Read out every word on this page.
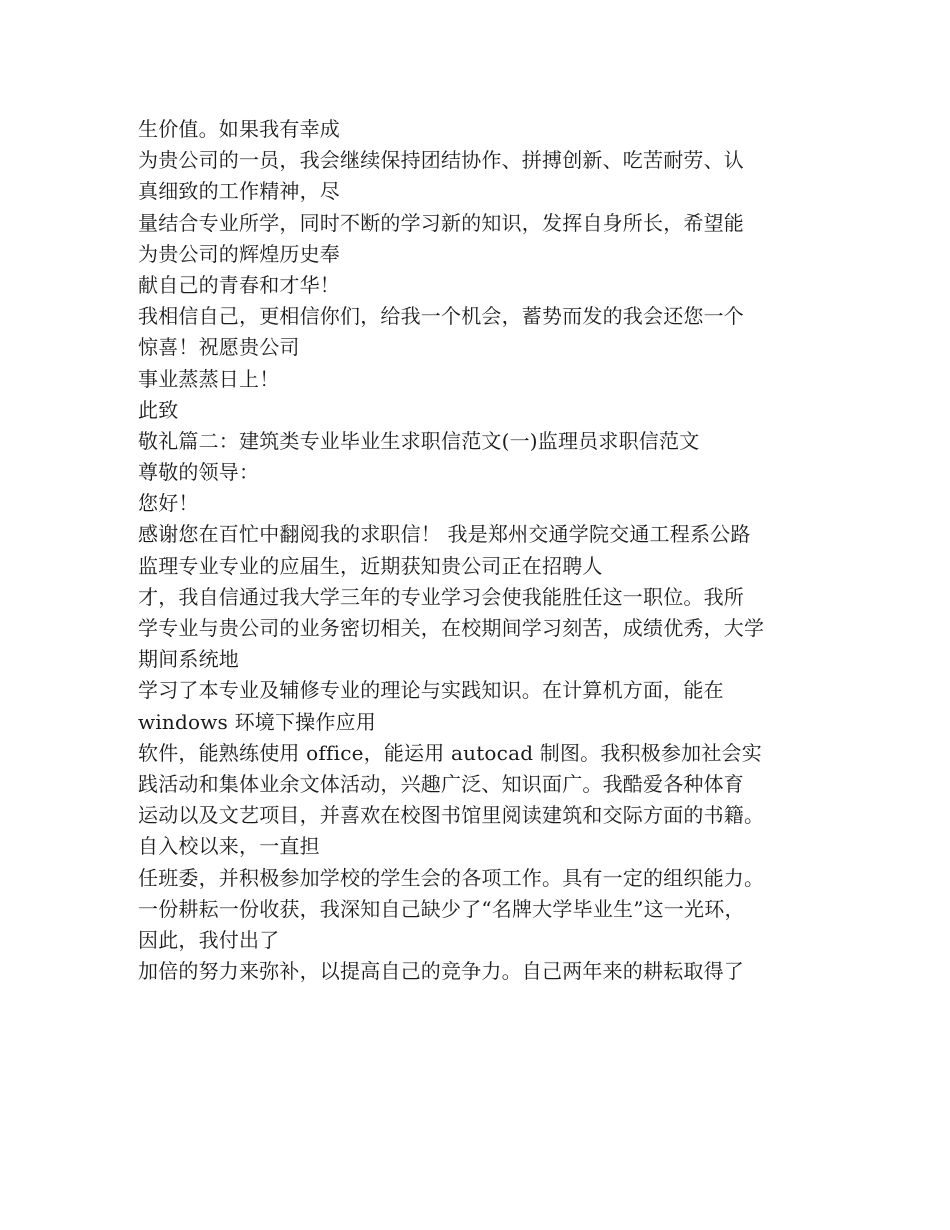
生价值。如果我有幸成
为贵公司的一员，我会继续保持团结协作、拼搏创新、吃苦耐劳、认
真细致的工作精神，尽
量结合专业所学，同时不断的学习新的知识，发挥自身所长，希望能
为贵公司的辉煌历史奉
献自己的青春和才华！
我相信自己，更相信你们，给我一个机会，蓄势而发的我会还您一个
惊喜！祝愿贵公司
事业蒸蒸日上！
此致
敬礼篇二：建筑类专业毕业生求职信范文(一)监理员求职信范文
尊敬的领导：
您好！
感谢您在百忙中翻阅我的求职信！ 我是郑州交通学院交通工程系公路
监理专业专业的应届生，近期获知贵公司正在招聘人
才，我自信通过我大学三年的专业学习会使我能胜任这一职位。我所
学专业与贵公司的业务密切相关，在校期间学习刻苦，成绩优秀，大学
期间系统地
学习了本专业及辅修专业的理论与实践知识。在计算机方面，能在
windows 环境下操作应用
软件，能熟练使用 office，能运用 autocad 制图。我积极参加社会实
践活动和集体业余文体活动，兴趣广泛、知识面广。我酷爱各种体育
运动以及文艺项目，并喜欢在校图书馆里阅读建筑和交际方面的书籍。
自入校以来，一直担
任班委，并积极参加学校的学生会的各项工作。具有一定的组织能力。
一份耕耘一份收获，我深知自己缺少了“名牌大学毕业生”这一光环，
因此，我付出了
加倍的努力来弥补，以提高自己的竞争力。自己两年来的耕耘取得了
